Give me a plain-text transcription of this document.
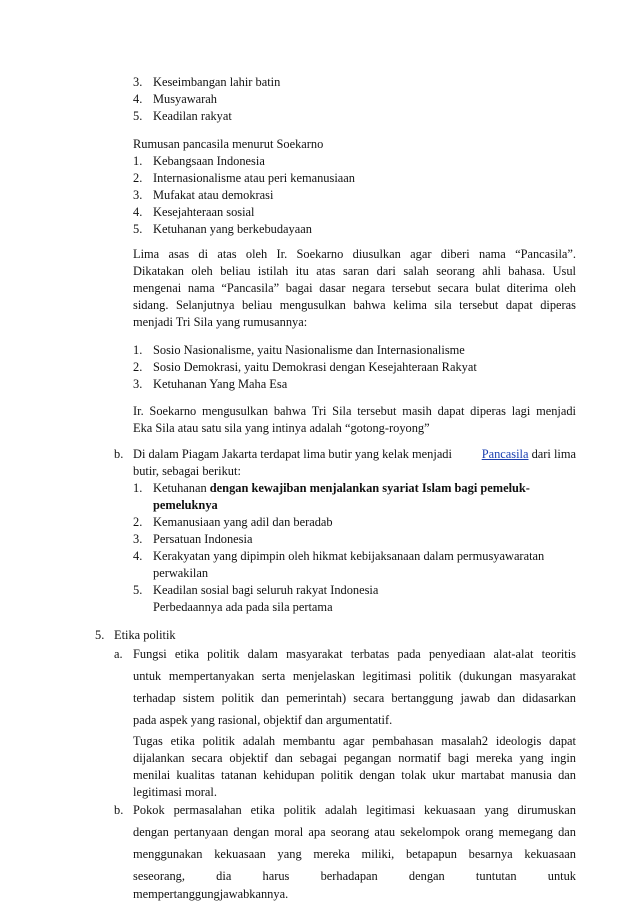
3. Keseimbangan lahir batin
4. Musyawarah
5. Keadilan rakyat
Rumusan pancasila menurut Soekarno
1. Kebangsaan Indonesia
2. Internasionalisme atau peri kemanusiaan
3. Mufakat atau demokrasi
4. Kesejahteraan sosial
5. Ketuhanan yang berkebudayaan
Lima asas di atas oleh Ir. Soekarno diusulkan agar diberi nama “Pancasila”.
Dikatakan oleh beliau istilah itu atas saran dari salah seorang ahli bahasa. Usul
mengenai nama “Pancasila” bagai dasar negara tersebut secara bulat diterima oleh
sidang. Selanjutnya beliau mengusulkan bahwa kelima sila tersebut dapat diperas
menjadi Tri Sila yang rumusannya:
1. Sosio Nasionalisme, yaitu Nasionalisme dan Internasionalisme
2. Sosio Demokrasi, yaitu Demokrasi dengan Kesejahteraan Rakyat
3. Ketuhanan Yang Maha Esa
Ir. Soekarno mengusulkan bahwa Tri Sila tersebut masih dapat diperas lagi menjadi
Eka Sila atau satu sila yang intinya adalah “gotong-royong”
b. Di dalam Piagam Jakarta terdapat lima butir yang kelak menjadi Pancasila dari lima
butir, sebagai berikut:
1. Ketuhanan dengan kewajiban menjalankan syariat Islam bagi pemeluk-
pemeluknya
2. Kemanusiaan yang adil dan beradab
3. Persatuan Indonesia
4. Kerakyatan yang dipimpin oleh hikmat kebijaksanaan dalam permusyawaratan
perwakilan
5. Keadilan sosial bagi seluruh rakyat Indonesia
Perbedaannya ada pada sila pertama
5. Etika politik
a. Fungsi etika politik dalam masyarakat terbatas pada penyediaan alat-alat teoritis
untuk mempertanyakan serta menjelaskan legitimasi politik (dukungan masyarakat
terhadap sistem politik dan pemerintah) secara bertanggung jawab dan didasarkan
pada aspek yang rasional, objektif dan argumentatif.
Tugas etika politik adalah membantu agar pembahasan masalah2 ideologis dapat
dijalankan secara objektif dan sebagai pegangan normatif bagi mereka yang ingin
menilai kualitas tatanan kehidupan politik dengan tolak ukur martabat manusia dan
legitimasi moral.
b. Pokok permasalahan etika politik adalah legitimasi kekuasaan yang dirumuskan
dengan pertanyaan dengan moral apa seorang atau sekelompok orang memegang dan
menggunakan kekuasaan yang mereka miliki, betapapun besarnya kekuasaan
seseorang, dia harus berhadapan dengan tuntutan untuk
mempertanggungjawabkannya.
